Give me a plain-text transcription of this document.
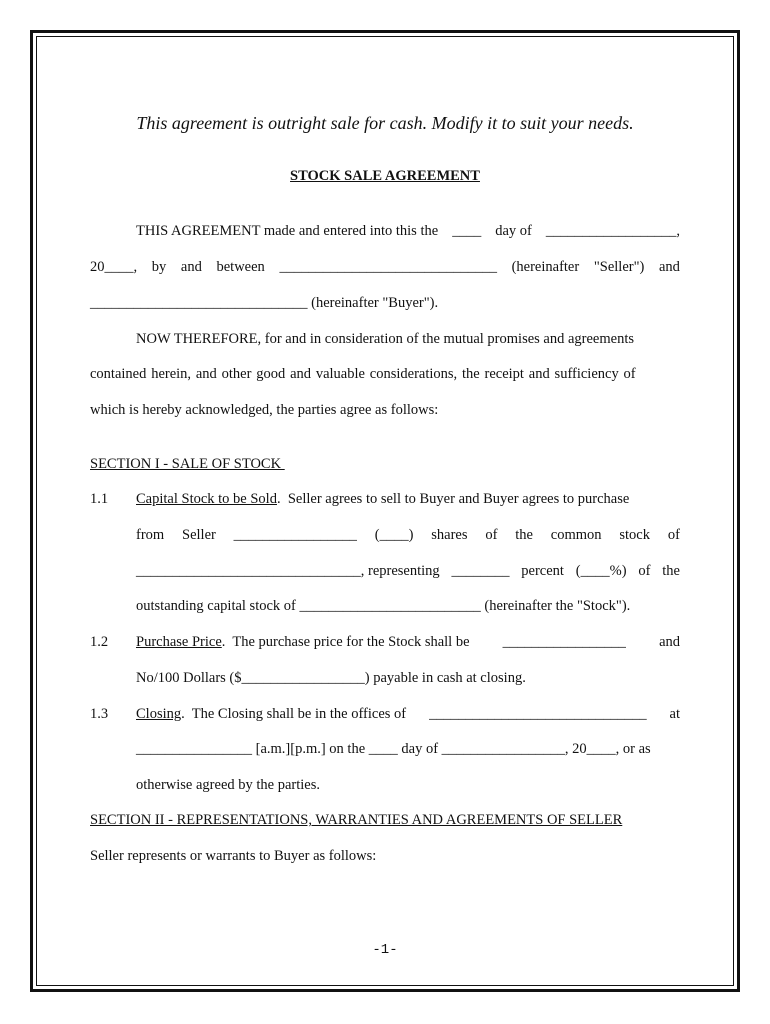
This agreement is outright sale for cash. Modify it to suit your needs.
STOCK SALE AGREEMENT
THIS AGREEMENT made and entered into this the ____ day of __________________,
20____, by and between ______________________________ (hereinafter "Seller") and
______________________________ (hereinafter "Buyer").
NOW THEREFORE, for and in consideration of the mutual promises and agreements
contained herein, and other good and valuable considerations, the receipt and sufficiency of
which is hereby acknowledged, the parties agree as follows:
SECTION I - SALE OF STOCK
1.1 Capital Stock to be Sold.  Seller agrees to sell to Buyer and Buyer agrees to purchase
from Seller _________________ (____) shares of the common stock of
_______________________________, representing ________ percent (____%) of the
outstanding capital stock of _________________________ (hereinafter the "Stock").
1.2 Purchase Price.  The purchase price for the Stock shall be _________________ and
No/100 Dollars ($_________________) payable in cash at closing.
1.3 Closing.  The Closing shall be in the offices of ______________________________ at
________________ [a.m.][p.m.] on the ____ day of _________________, 20____, or as
otherwise agreed by the parties.
SECTION II - REPRESENTATIONS, WARRANTIES AND AGREEMENTS OF SELLER
Seller represents or warrants to Buyer as follows:
-1-
